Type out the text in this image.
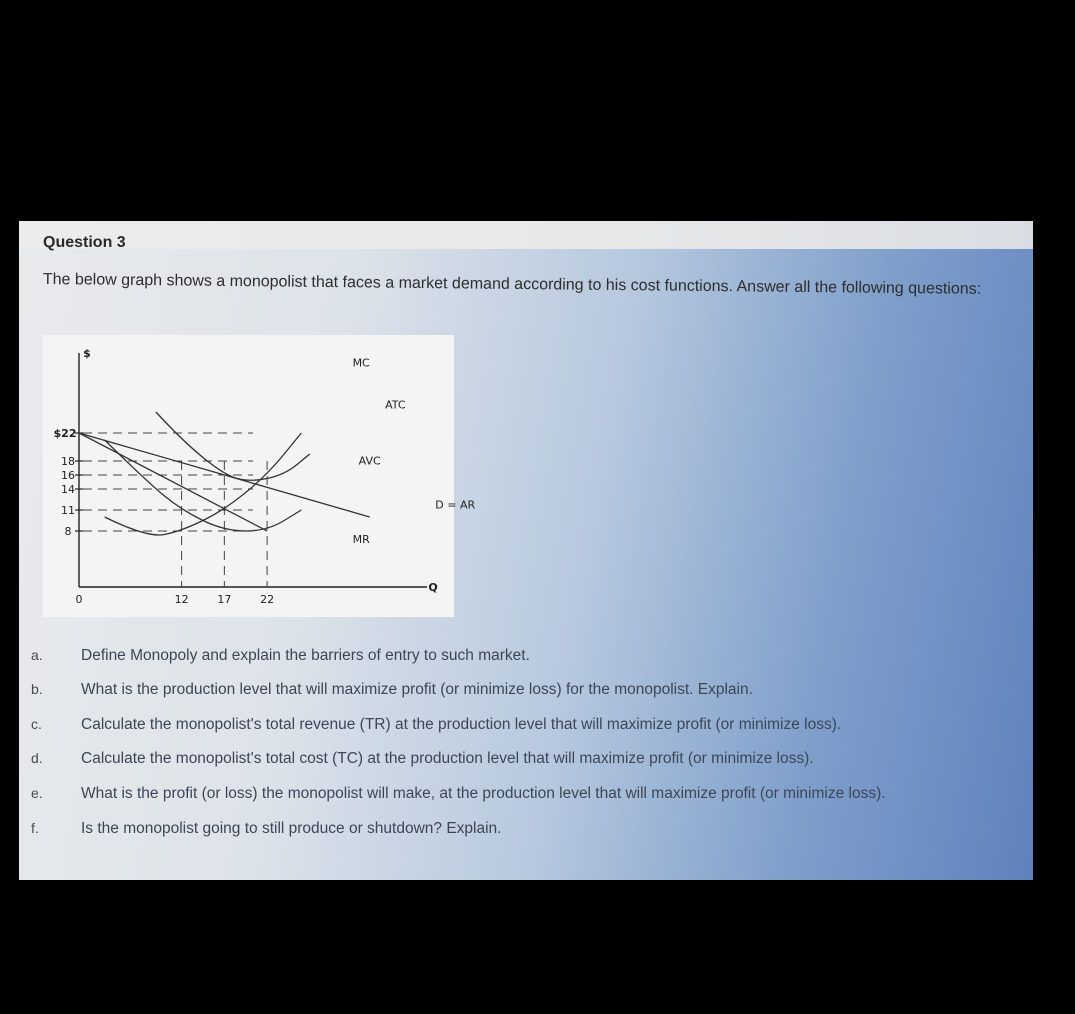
Question 3
The below graph shows a monopolist that faces a market demand according to his cost functions. Answer all the following questions:
$22
18
16
14
11
8
12	17	22
$
Q
0
MC
ATC
AVC
D = AR
MR
a. Define Monopoly and explain the barriers of entry to such market.
b. What is the production level that will maximize profit (or minimize loss) for the monopolist. Explain.
c.	Calculate the monopolist's total revenue (TR) at the production level that will maximize profit (or minimize loss).
d. Calculate the monopolist's total cost (TC) at the production level that will maximize profit (or minimize loss).
e. What is the profit (or loss) the monopolist will make, at the production level that will maximize profit (or minimize loss).
f.	Is the monopolist going to still produce or shutdown? Explain.
